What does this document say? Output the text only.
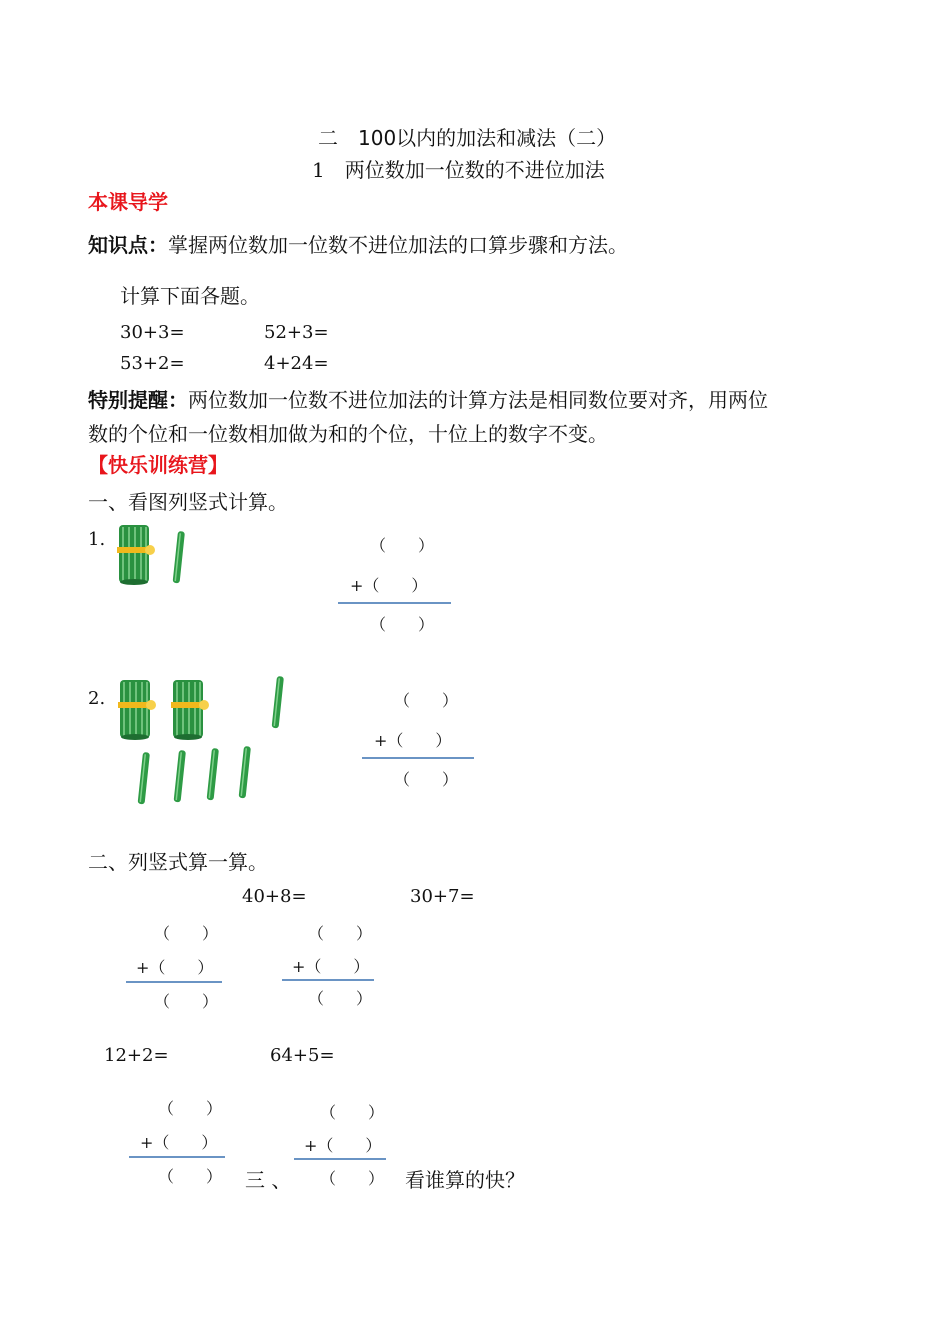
二　100以内的加法和减法（二）
1　两位数加一位数的不进位加法
本课导学
知识点：掌握两位数加一位数不进位加法的口算步骤和方法。
计算下面各题。
30+3=	52+3=
53+2=	4+24=
特别提醒：两位数加一位数不进位加法的计算方法是相同数位要对齐，用两位
数的个位和一位数相加做为和的个位，十位上的数字不变。
【快乐训练营】
一、看图列竖式计算。
1.	（　　）
+（　　）
（　　）
2.	（　　）
+（　　）
（　　）
二、列竖式算一算。
40+8=	30+7=
（　　）
+（　　）
（　　）
（　　）
+（　　）
（　　）
12+2=	64+5=
（　　）
+（　　）
（　　）
（　　）
+（　　）
（　　）
三 、	看谁算的快？
